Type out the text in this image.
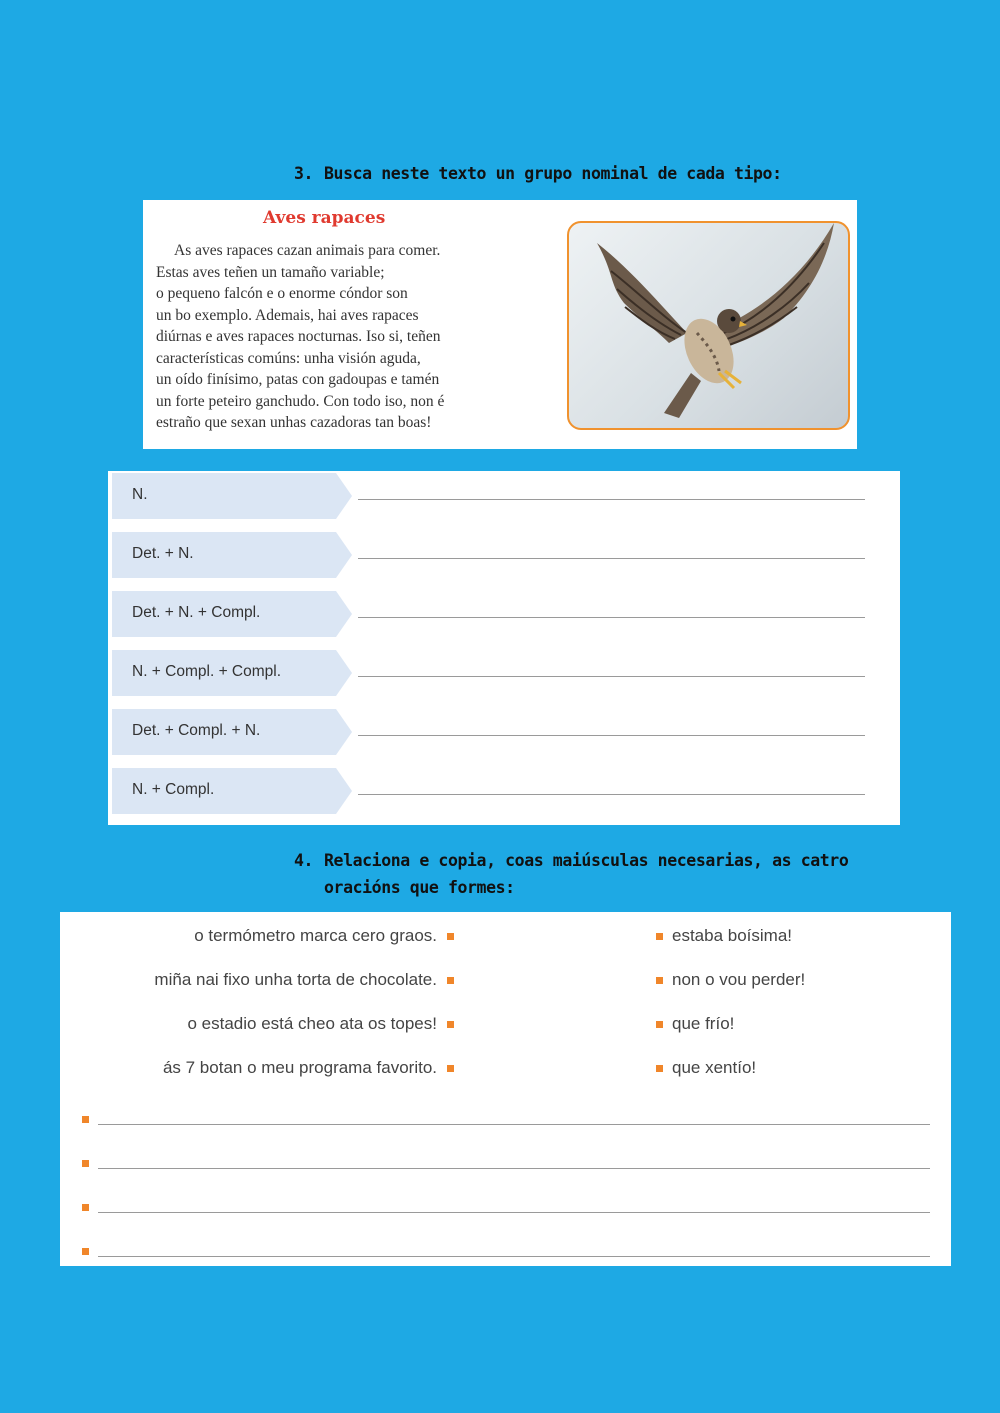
3. Busca neste texto un grupo nominal de cada tipo:
Aves rapaces
As aves rapaces cazan animais para comer.
Estas aves teñen un tamaño variable;
o pequeno falcón e o enorme cóndor son
un bo exemplo. Ademais, hai aves rapaces
diúrnas e aves rapaces nocturnas. Iso si, teñen
características comúns: unha visión aguda,
un oído finísimo, patas con gadoupas e tamén
un forte peteiro ganchudo. Con todo iso, non é
estraño que sexan unhas cazadoras tan boas!
N.
Det. + N.
Det. + N. + Compl.
N. + Compl. + Compl.
Det. + Compl. + N.
N. + Compl.
4. Relaciona e copia, coas maiúsculas necesarias, as catro
oracións que formes:
o termómetro marca cero graos.
miña nai fixo unha torta de chocolate.
o estadio está cheo ata os topes!
ás 7 botan o meu programa favorito.
estaba boísima!
non o vou perder!
que frío!
que xentío!
